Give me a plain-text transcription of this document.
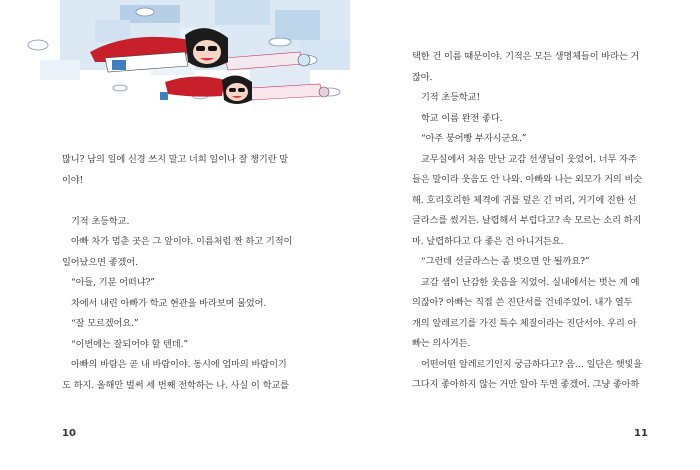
많니? 남의 일에 신경 쓰지 말고 너희 일이나 잘 챙기란 말
이야!
기적 초등학교.
아빠 차가 멈춘 곳은 그 앞이야. 이름처럼 짠 하고 기적이
일어났으면 좋겠어.
“아들, 기분 어떠냐?”
차에서 내린 아빠가 학교 현관을 바라보며 물었어.
“잘 모르겠어요.”
“이번에는 잘되어야 할 텐데.”
아빠의 바람은 곧 내 바람이야. 동시에 엄마의 바람이기
도 하지. 올해만 벌써 세 번째 전학하는 나. 사실 이 학교를
10	11
택한 건 이름 때문이야. 기적은 모든 생명체들이 바라는 거
잖아.
기적 초등학교!
학교 이름 완전 좋다.
“아주 붕어빵 부자시군요.”
교무실에서 처음 만난 교감 선생님이 웃었어. 너무 자주
들은 말이라 웃음도 안 나와. 아빠와 나는 외모가 거의 비슷
해. 호리호리한 체격에 귀를 덮은 긴 머리, 거기에 진한 선
글라스를 썼거든. 날렵해서 부럽다고? 속 모르는 소리 하지
마. 날렵하다고 다 좋은 건 아니거든요.
“그런데 선글라스는 좀 벗으면 안 될까요?”
교감 샘이 난감한 웃음을 지었어. 실내에서는 벗는 게 예
의잖아? 아빠는 직접 쓴 진단서를 건네주었어. 내가 열두
개의 알레르기를 가진 특수 체질이라는 진단서야. 우리 아
빠는 의사거든.
어떤어떤 알레르기인지 궁금하다고? 음… 일단은 햇빛을
그다지 좋아하지 않는 거만 알아 두면 좋겠어. 그냥 좋아하
